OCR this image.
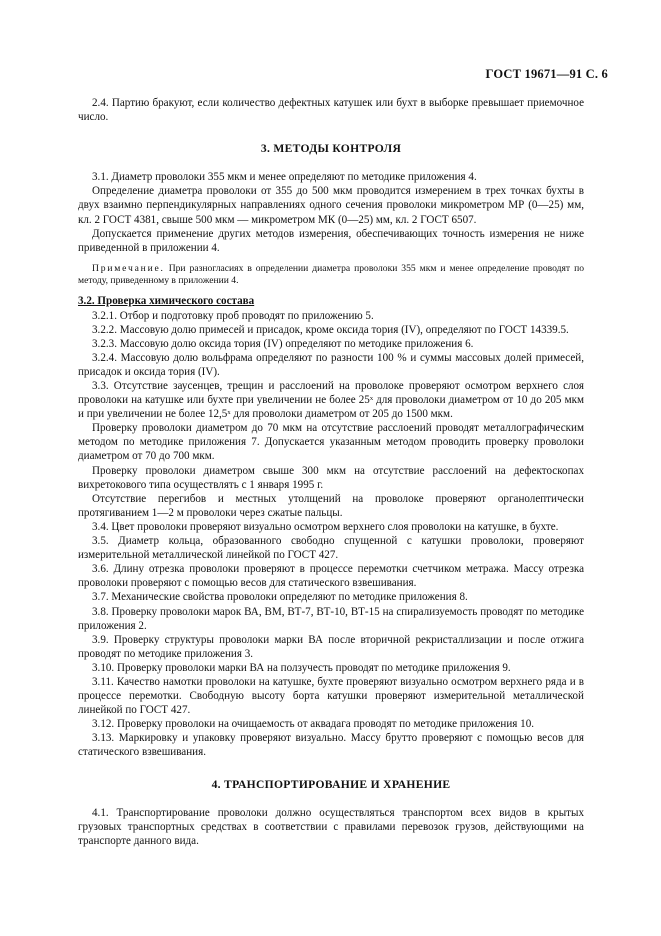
ГОСТ 19671—91 С. 6

2.4. Партию бракуют, если количество дефектных катушек или бухт в выборке превышает приемочное число.

3. МЕТОДЫ КОНТРОЛЯ

3.1. Диаметр проволоки 355 мкм и менее определяют по методике приложения 4.

Определение диаметра проволоки от 355 до 500 мкм проводится измерением в трех точках бухты в двух взаимно перпендикулярных направлениях одного сечения проволоки микрометром МР (0—25) мм, кл. 2 ГОСТ 4381, свыше 500 мкм — микрометром МК (0—25) мм, кл. 2 ГОСТ 6507.

Допускается применение других методов измерения, обеспечивающих точность измерения не ниже приведенной в приложении 4.

Примечание. При разногласиях в определении диаметра проволоки 355 мкм и менее определение проводят по методу, приведенному в приложении 4.

3.2. Проверка химического состава

3.2.1. Отбор и подготовку проб проводят по приложению 5.

3.2.2. Массовую долю примесей и присадок, кроме оксида тория (IV), определяют по ГОСТ 14339.5.

3.2.3. Массовую долю оксида тория (IV) определяют по методике приложения 6.

3.2.4. Массовую долю вольфрама определяют по разности 100 % и суммы массовых долей примесей, присадок и оксида тория (IV).

3.3. Отсутствие заусенцев, трещин и расслоений на проволоке проверяют осмотром верхнего слоя проволоки на катушке или бухте при увеличении не более 25ˣ для проволоки диаметром от 10 до 205 мкм и при увеличении не более 12,5ˣ для проволоки диаметром от 205 до 1500 мкм.

Проверку проволоки диаметром до 70 мкм на отсутствие расслоений проводят металлографическим методом по методике приложения 7. Допускается указанным методом проводить проверку проволоки диаметром от 70 до 700 мкм.

Проверку проволоки диаметром свыше 300 мкм на отсутствие расслоений на дефектоскопах вихретокового типа осуществлять с 1 января 1995 г.

Отсутствие перегибов и местных утолщений на проволоке проверяют органолептически протягиванием 1—2 м проволоки через сжатые пальцы.

3.4. Цвет проволоки проверяют визуально осмотром верхнего слоя проволоки на катушке, в бухте.

3.5. Диаметр кольца, образованного свободно спущенной с катушки проволоки, проверяют измерительной металлической линейкой по ГОСТ 427.

3.6. Длину отрезка проволоки проверяют в процессе перемотки счетчиком метража. Массу отрезка проволоки проверяют с помощью весов для статического взвешивания.

3.7. Механические свойства проволоки определяют по методике приложения 8.

3.8. Проверку проволоки марок ВА, ВМ, ВТ-7, ВТ-10, ВТ-15 на спирализуемость проводят по методике приложения 2.

3.9. Проверку структуры проволоки марки ВА после вторичной рекристаллизации и после отжига проводят по методике приложения 3.

3.10. Проверку проволоки марки ВА на ползучесть проводят по методике приложения 9.

3.11. Качество намотки проволоки на катушке, бухте проверяют визуально осмотром верхнего ряда и в процессе перемотки. Свободную высоту борта катушки проверяют измерительной металлической линейкой по ГОСТ 427.

3.12. Проверку проволоки на очищаемость от аквадага проводят по методике приложения 10.

3.13. Маркировку и упаковку проверяют визуально. Массу брутто проверяют с помощью весов для статического взвешивания.

4. ТРАНСПОРТИРОВАНИЕ И ХРАНЕНИЕ

4.1. Транспортирование проволоки должно осуществляться транспортом всех видов в крытых грузовых транспортных средствах в соответствии с правилами перевозок грузов, действующими на транспорте данного вида.
